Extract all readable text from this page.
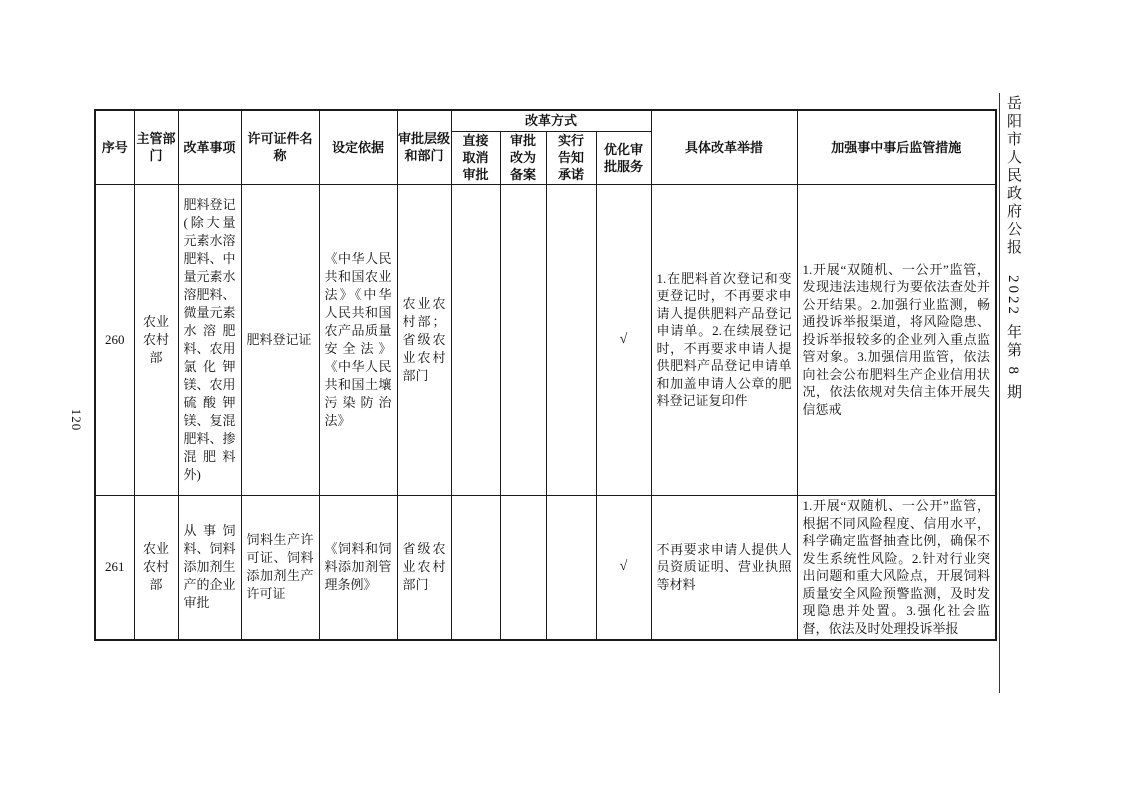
120
序号	主管部门	改革事项	许可证件名称	设定依据	审批层级和部门	改革方式				具体改革举措	加强事中事后监管措施
						直接取消审批	审批改为备案	实行告知承诺	优化审批服务		

260	农业农村部	肥料登记(除大量元素水溶肥料、中量元素水溶肥料、微量元素水溶肥料、农用氯化钾镁、农用硫酸钾镁、复混肥料、掺混肥料外)	肥料登记证	《中华人民共和国农业法》《中华人民共和国农产品质量安全法》《中华人民共和国土壤污染防治法》	农业农村部；省级农业农村部门				√	1.在肥料首次登记和变更登记时，不再要求申请人提供肥料产品登记申请单。2.在续展登记时，不再要求申请人提供肥料产品登记申请单和加盖申请人公章的肥料登记证复印件	1.开展“双随机、一公开”监管，发现违法违规行为要依法查处并公开结果。2.加强行业监测，畅通投诉举报渠道，将风险隐患、投诉举报较多的企业列入重点监管对象。3.加强信用监管，依法向社会公布肥料生产企业信用状况，依法依规对失信主体开展失信惩戒

261	农业农村部	从事饲料、饲料添加剂生产的企业审批	饲料生产许可证、饲料添加剂生产许可证	《饲料和饲料添加剂管理条例》	省级农业农村部门				√	不再要求申请人提供人员资质证明、营业执照等材料	1.开展“双随机、一公开”监管，根据不同风险程度、信用水平，科学确定监督抽查比例，确保不发生系统性风险。2.针对行业突出问题和重大风险点，开展饲料质量安全风险预警监测，及时发现隐患并处置。3.强化社会监督，依法及时处理投诉举报
岳阳市人民政府公报　2022 年第 8 期
